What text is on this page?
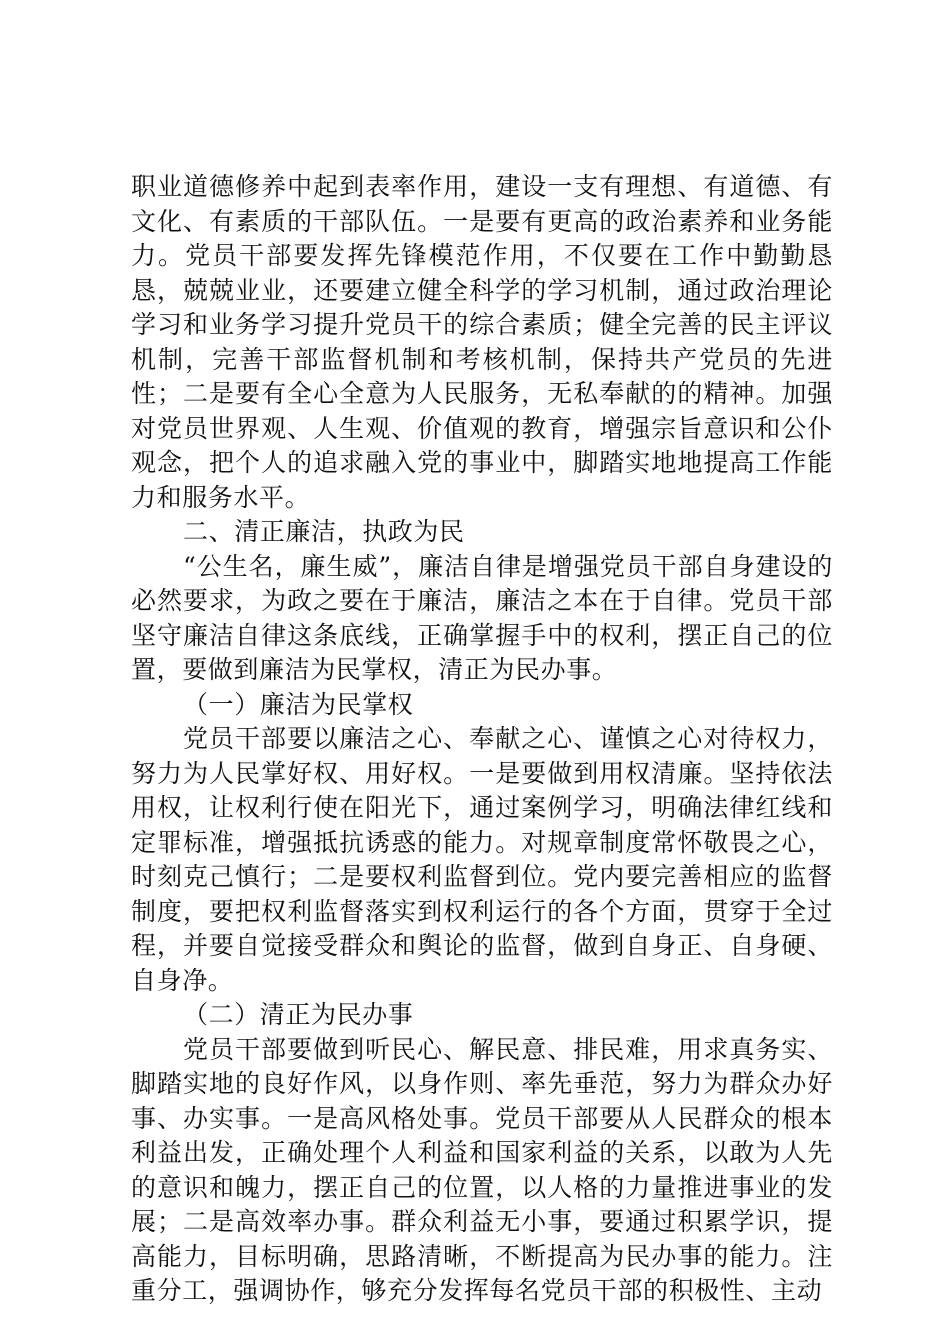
职业道德修养中起到表率作用，建设一支有理想、有道德、有文化、有素质的干部队伍。一是要有更高的政治素养和业务能力。党员干部要发挥先锋模范作用，不仅要在工作中勤勤恳恳，兢兢业业，还要建立健全科学的学习机制，通过政治理论学习和业务学习提升党员干的综合素质；健全完善的民主评议机制，完善干部监督机制和考核机制，保持共产党员的先进性；二是要有全心全意为人民服务，无私奉献的的精神。加强对党员世界观、人生观、价值观的教育，增强宗旨意识和公仆观念，把个人的追求融入党的事业中，脚踏实地地提高工作能力和服务水平。

二、清正廉洁，执政为民

“公生名，廉生威”，廉洁自律是增强党员干部自身建设的必然要求，为政之要在于廉洁，廉洁之本在于自律。党员干部坚守廉洁自律这条底线，正确掌握手中的权利，摆正自己的位置，要做到廉洁为民掌权，清正为民办事。

（一）廉洁为民掌权

党员干部要以廉洁之心、奉献之心、谨慎之心对待权力，努力为人民掌好权、用好权。一是要做到用权清廉。坚持依法用权，让权利行使在阳光下，通过案例学习，明确法律红线和定罪标准，增强抵抗诱惑的能力。对规章制度常怀敬畏之心，时刻克己慎行；二是要权利监督到位。党内要完善相应的监督制度，要把权利监督落实到权利运行的各个方面，贯穿于全过程，并要自觉接受群众和舆论的监督，做到自身正、自身硬、自身净。

（二）清正为民办事

党员干部要做到听民心、解民意、排民难，用求真务实、脚踏实地的良好作风，以身作则、率先垂范，努力为群众办好事、办实事。一是高风格处事。党员干部要从人民群众的根本利益出发，正确处理个人利益和国家利益的关系，以敢为人先的意识和魄力，摆正自己的位置，以人格的力量推进事业的发展；二是高效率办事。群众利益无小事，要通过积累学识，提高能力，目标明确，思路清晰，不断提高为民办事的能力。注重分工，强调协作，够充分发挥每名党员干部的积极性、主动
